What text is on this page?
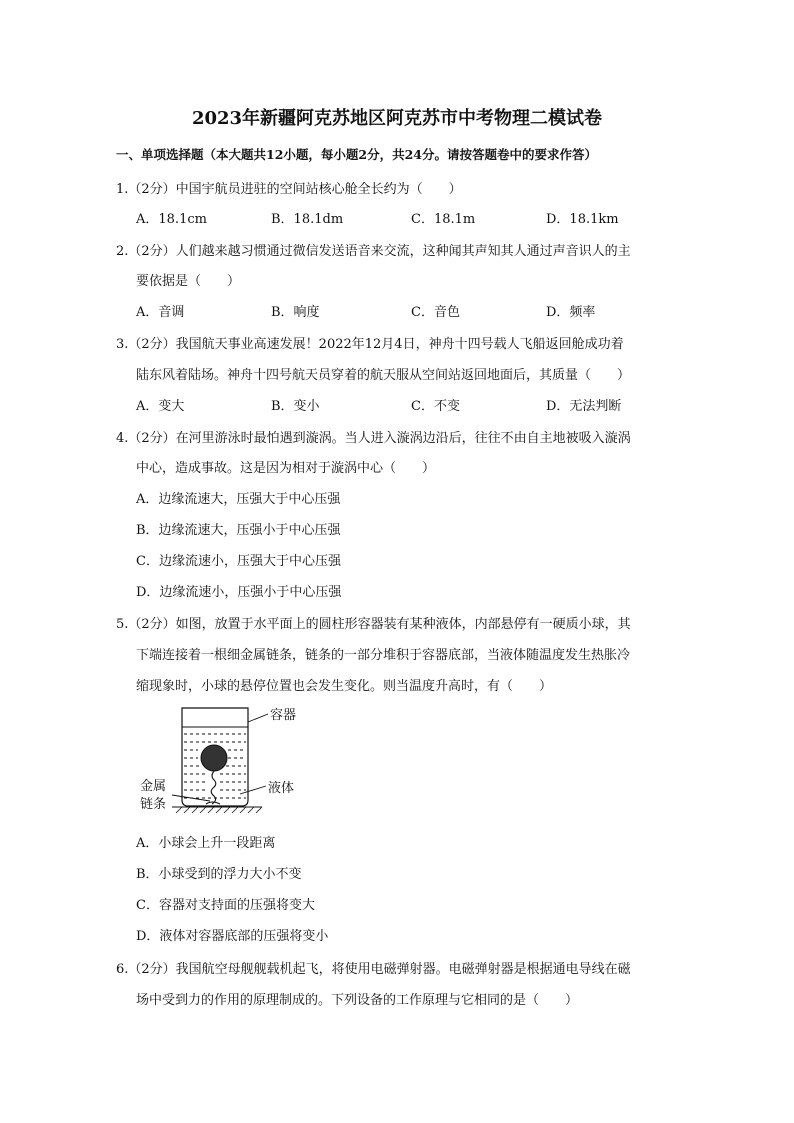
2023年新疆阿克苏地区阿克苏市中考物理二模试卷
一、单项选择题（本大题共12小题，每小题2分，共24分。请按答题卷中的要求作答）
1.（2分）中国宇航员进驻的空间站核心舱全长约为（　　）
A．18.1cm	B．18.1dm	C．18.1m	D．18.1km
2.（2分）人们越来越习惯通过微信发送语音来交流，这种闻其声知其人通过声音识人的主
要依据是（　　）
A．音调	B．响度	C．音色	D．频率
3.（2分）我国航天事业高速发展！2022年12月4日，神舟十四号载人飞船返回舱成功着
陆东风着陆场。神舟十四号航天员穿着的航天服从空间站返回地面后，其质量（　　）
A．变大	B．变小	C．不变	D．无法判断
4.（2分）在河里游泳时最怕遇到漩涡。当人进入漩涡边沿后，往往不由自主地被吸入漩涡
中心，造成事故。这是因为相对于漩涡中心（　　）
A．边缘流速大，压强大于中心压强
B．边缘流速大，压强小于中心压强
C．边缘流速小，压强大于中心压强
D．边缘流速小，压强小于中心压强
5.（2分）如图，放置于水平面上的圆柱形容器装有某种液体，内部悬停有一硬质小球，其
下端连接着一根细金属链条，链条的一部分堆积于容器底部，当液体随温度发生热胀冷
缩现象时，小球的悬停位置也会发生变化。则当温度升高时，有（　　）
容器
液体
金属
链条
A．小球会上升一段距离
B．小球受到的浮力大小不变
C．容器对支持面的压强将变大
D．液体对容器底部的压强将变小
6.（2分）我国航空母舰舰载机起飞，将使用电磁弹射器。电磁弹射器是根据通电导线在磁
场中受到力的作用的原理制成的。下列设备的工作原理与它相同的是（　　）
